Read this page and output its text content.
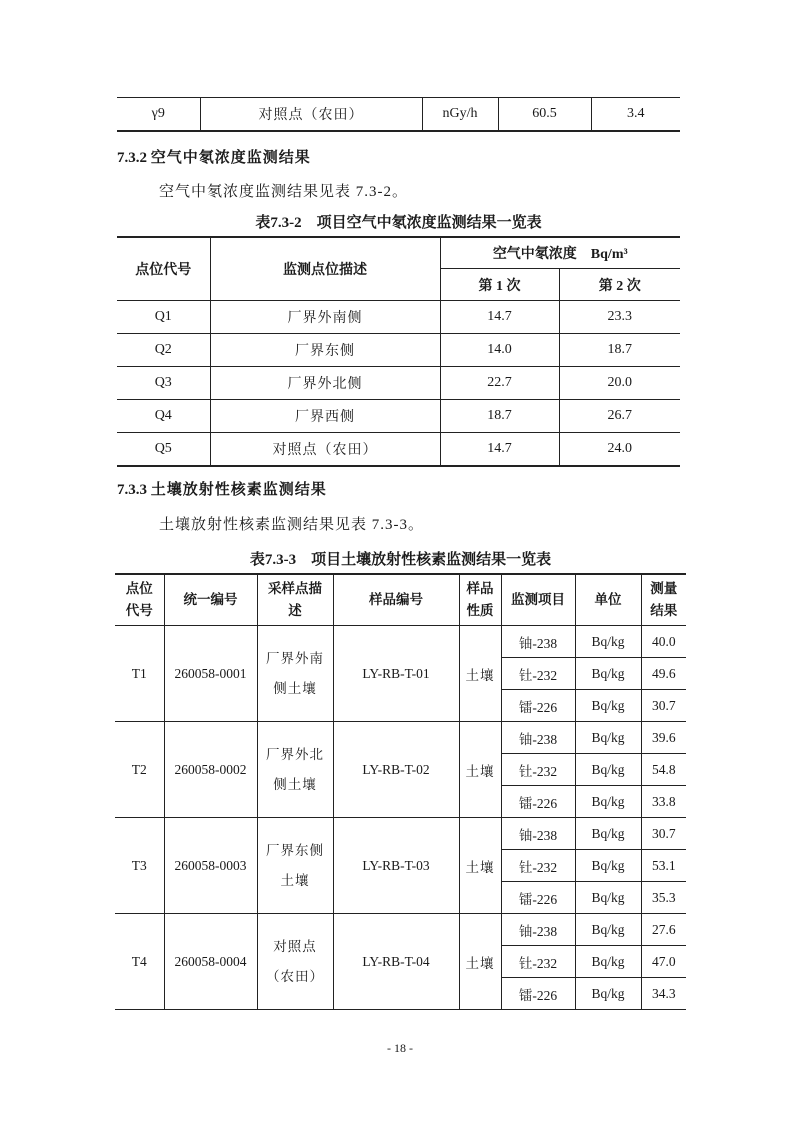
γ9	对照点（农田）	nGy/h	60.5	3.4
7.3.2 空气中氡浓度监测结果

空气中氡浓度监测结果见表 7.3-2。

表7.3-2　项目空气中氡浓度监测结果一览表

点位代号	监测点位描述	空气中氡浓度　Bq/m³	
		第 1 次	第 2 次
Q1	厂界外南侧	14.7	23.3
Q2	厂界东侧	14.0	18.7
Q3	厂界外北侧	22.7	20.0
Q4	厂界西侧	18.7	26.7
Q5	对照点（农田）	14.7	24.0
7.3.3 土壤放射性核素监测结果

土壤放射性核素监测结果见表 7.3-3。

表7.3-3　项目土壤放射性核素监测结果一览表

点位
代号	统一编号	采样点描
述	样品编号	样品
性质	监测项目	单位	测量
结果
T1	260058-0001	厂界外南
侧土壤	LY-RB-T-01	土壤	铀-238	Bq/kg	40.0
					钍-232	Bq/kg	49.6
					镭-226	Bq/kg	30.7
T2	260058-0002	厂界外北
侧土壤	LY-RB-T-02	土壤	铀-238	Bq/kg	39.6
					钍-232	Bq/kg	54.8
					镭-226	Bq/kg	33.8
T3	260058-0003	厂界东侧
土壤	LY-RB-T-03	土壤	铀-238	Bq/kg	30.7
					钍-232	Bq/kg	53.1
					镭-226	Bq/kg	35.3
T4	260058-0004	对照点
（农田）	LY-RB-T-04	土壤	铀-238	Bq/kg	27.6
					钍-232	Bq/kg	47.0
					镭-226	Bq/kg	34.3
- 18 -
